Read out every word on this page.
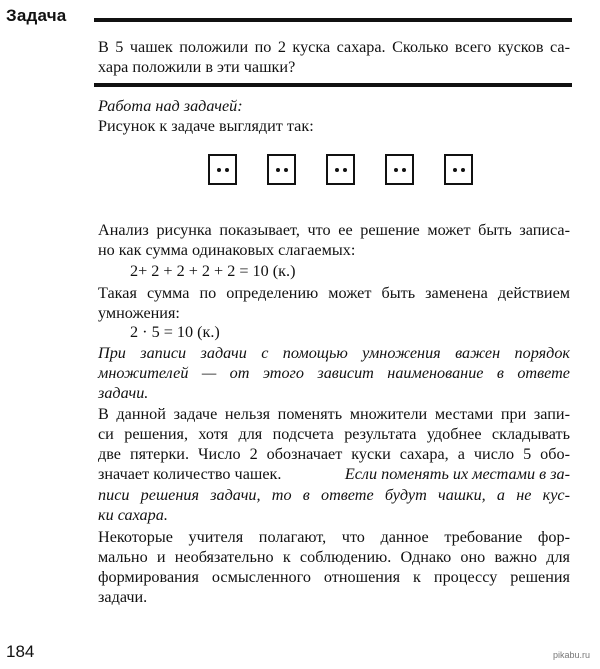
Задача
В 5 чашек положили по 2 куска сахара. Сколько всего кусков са-
хара положили в эти чашки?
Работа над задачей:
Рисунок к задаче выглядит так:
Анализ рисунка показывает, что ее решение может быть записа-
но как сумма одинаковых слагаемых:
2+ 2 + 2 + 2 + 2 = 10 (к.)
Такая сумма по определению может быть заменена действием
умножения:
2 · 5 = 10 (к.)
При записи задачи с помощью умножения важен порядок
множителей — от этого зависит наименование в ответе
задачи.
В данной задаче нельзя поменять множители местами при запи-
си решения, хотя для подсчета результата удобнее складывать
две пятерки. Число 2 обозначает куски сахара, а число 5 обо-
значает количество чашек.	Если поменять их местами в за-
писи решения задачи, то в ответе будут чашки, а не кус-
ки сахара.
Некоторые учителя полагают, что данное требование фор-
мально и необязательно к соблюдению. Однако оно важно для
формирования осмысленного отношения к процессу решения
задачи.
184	pikabu.ru
